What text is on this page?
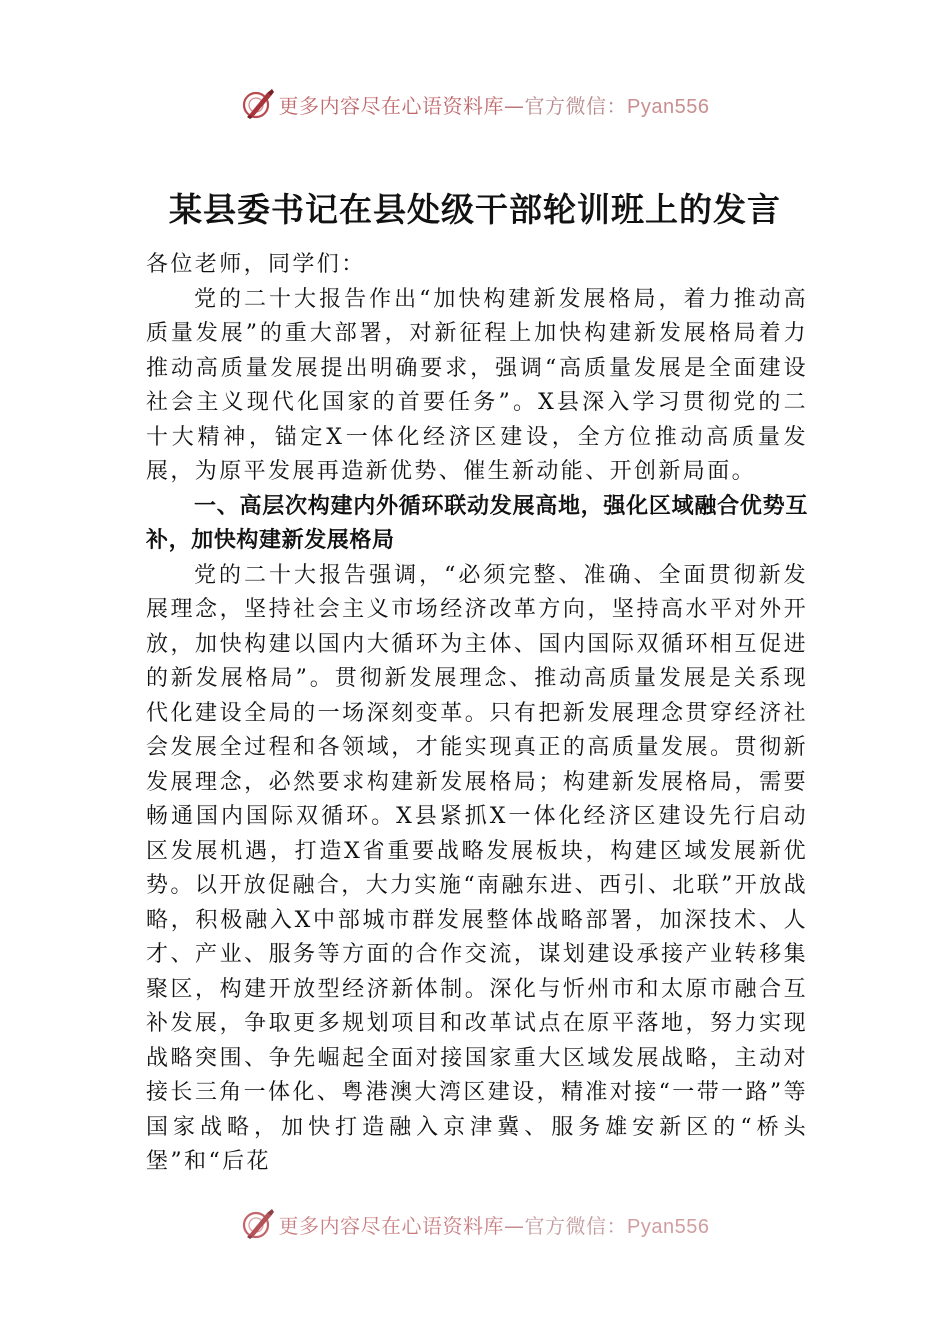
更多内容尽在心语资料库—官方微信：Pyan556
某县委书记在县处级干部轮训班上的发言

各位老师，同学们：

党的二十大报告作出“加快构建新发展格局，着力推动高质量发展”的重大部署，对新征程上加快构建新发展格局着力推动高质量发展提出明确要求，强调“高质量发展是全面建设社会主义现代化国家的首要任务”。X县深入学习贯彻党的二十大精神，锚定X一体化经济区建设，全方位推动高质量发展，为原平发展再造新优势、催生新动能、开创新局面。

一、高层次构建内外循环联动发展高地，强化区域融合优势互补，加快构建新发展格局

党的二十大报告强调，“必须完整、准确、全面贯彻新发展理念，坚持社会主义市场经济改革方向，坚持高水平对外开放，加快构建以国内大循环为主体、国内国际双循环相互促进的新发展格局”。贯彻新发展理念、推动高质量发展是关系现代化建设全局的一场深刻变革。只有把新发展理念贯穿经济社会发展全过程和各领域，才能实现真正的高质量发展。贯彻新发展理念，必然要求构建新发展格局；构建新发展格局，需要畅通国内国际双循环。X县紧抓X一体化经济区建设先行启动区发展机遇，打造X省重要战略发展板块，构建区域发展新优势。以开放促融合，大力实施“南融东进、西引、北联”开放战略，积极融入X中部城市群发展整体战略部署，加深技术、人才、产业、服务等方面的合作交流，谋划建设承接产业转移集聚区，构建开放型经济新体制。深化与忻州市和太原市融合互补发展，争取更多规划项目和改革试点在原平落地，努力实现战略突围、争先崛起全面对接国家重大区域发展战略，主动对接长三角一体化、粤港澳大湾区建设，精准对接“一带一路”等国家战略，加快打造融入京津冀、服务雄安新区的“桥头堡”和“后花

更多内容尽在心语资料库—官方微信：Pyan556
